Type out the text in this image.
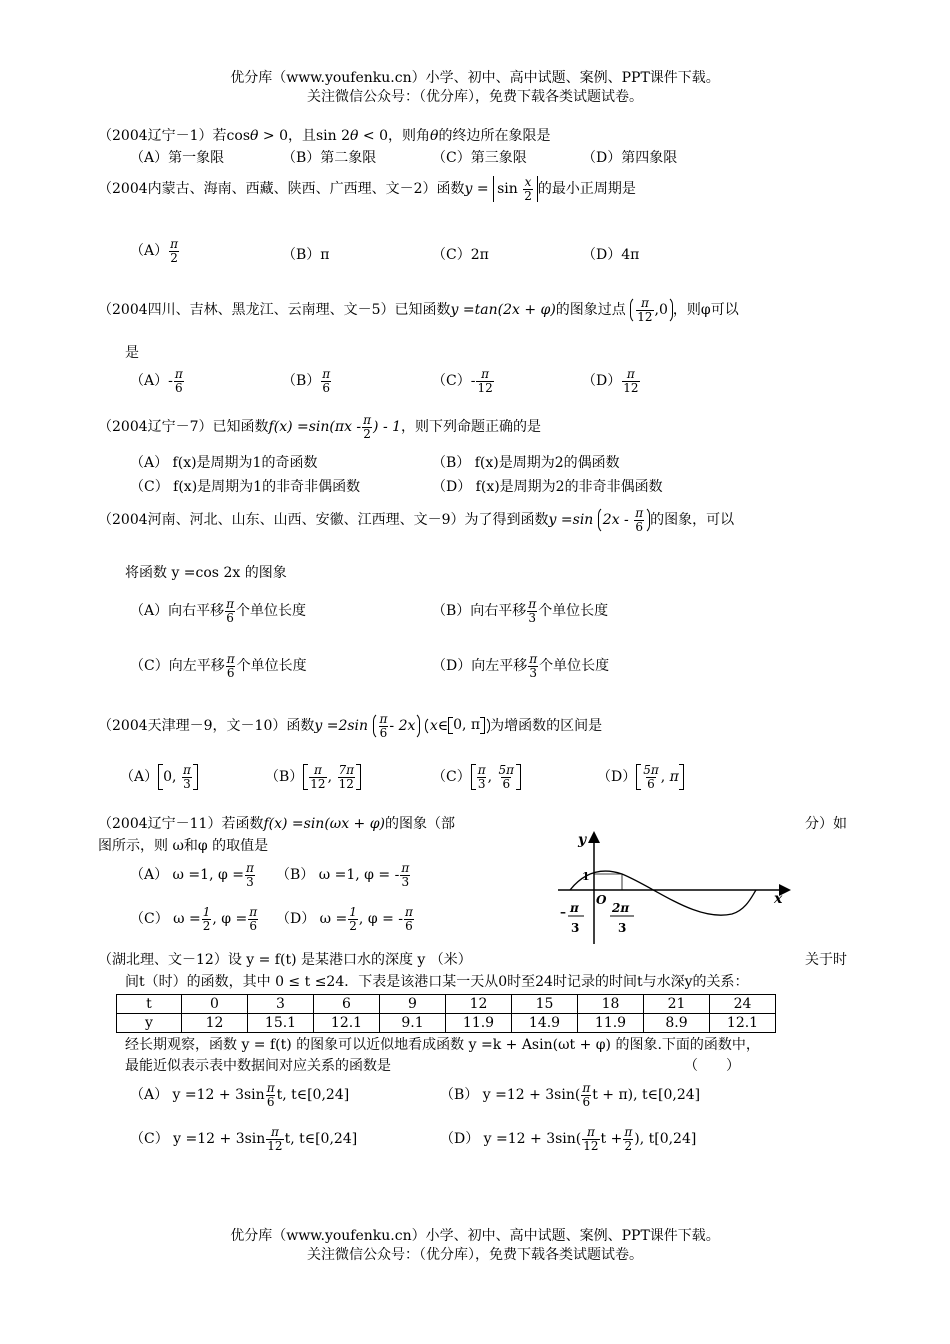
优分库（www.youfenku.cn）小学、初中、高中试题、案例、PPT课件下载。
关注微信公众号：（优分库），免费下载各类试题试卷。
（2004辽宁－1）若cosθ > 0，且sin 2θ < 0，则角θ的终边所在象限是
（A）第一象限	（B）第二象限	（C）第三象限	（D）第四象限
（2004内蒙古、海南、西藏、陕西、广西理、文－2）函数$y = \sin \frac{x}{2}$ 的最小正周期是
$(A) \frac{\pi}{2}$	（B）π	（C）2π	（D）4π
（2004四川、吉林、黑龙江、云南理、文－5）已知函数y =tan(2x + φ)的图象过点 $\frac{\pi}{12} ,0$ ，则φ可以
是
$(A)- \frac{\pi}{6}$	$(B) \frac{\pi}{6}$	$(C)- \frac{\pi}{12}$	$(D) \frac{\pi}{12}$
（2004辽宁－7）已知函数$f(x) =\sin(\pi x - \frac{\pi}{2}$ ) - 1，则下列命题正确的是
（A） f(x)是周期为1的奇函数	（B） f(x)是周期为2的偶函数
（C） f(x)是周期为1的非奇非偶函数	（D） f(x)是周期为2的非奇非偶函数
（2004河南、河北、山东、山西、安徽、江西理、文－9）为了得到函数y =sin $2x - \frac{\pi}{6}$ 的图象，可以
将函数 y =cos 2x 的图象
（A）向右平移 $\frac{\pi}{6}$ 个单位长度	（B）向右平移 $\frac{\pi}{3}$ 个单位长度
（C）向左平移 $\frac{\pi}{6}$ 个单位长度	（D）向左平移 $\frac{\pi}{3}$ 个单位长度
（2004天津理－9，文－10）函数$y =2\sin \frac{\pi}{6} - 2x$ x∈ 0, π 为增函数的区间是
（A） 0, $\frac{\pi}{3}$	$(B) \frac{\pi}{12}$ , $\frac{7\pi}{12}$	$(C) \frac{\pi}{3}$ , $\frac{5\pi}{6}$	$(D) \frac{5\pi}{6}$ , π
（2004辽宁－11）若函数f(x) =sin(ωx + φ)的图象（部	分）如
图所示，则 ω和φ 的取值是
（A） ω =1, $\varphi = \frac{\pi}{3} (B)$ ω =1, φ = - $\frac{\pi}{3}$
（C） $\omega = \frac{1}{2}$ , $\varphi = \frac{\pi}{6} (D) \omega = \frac{1}{2}$ , φ = - $\frac{\pi}{6}$
y
x
O
1
– π
3
2π
3
（湖北理、文－12）设 y = f(t) 是某港口水的深度 y （米）	关于时
间t（时）的函数，其中 0 ≤ t ≤24．下表是该港口某一天从0时至24时记录的时间t与水深y的关系：
t	0	3	6	9	12	15	18	21	24
y	12	15.1	12.1	9.1	11.9	14.9	11.9	8.9	12.1
经长期观察，函数 y = f(t) 的图象可以近似地看成函数 y =k + Asin(ωt + φ) 的图象.下面的函数中，
最能近似表示表中数据间对应关系的函数是	（　　）
（A） $y =12 + 3\sin \frac{\pi}{6} t$, t∈[0,24]	（B） $y =12 + 3\sin( \frac{\pi}{6}$ t + π), t∈[0,24]
（C） $y =12 + 3\sin \frac{\pi}{12} t$, t∈[0,24]	（D） $y =12 + 3\sin( \frac{\pi}{12}$ $t + \frac{\pi}{2}$ ), t[0,24]
优分库（www.youfenku.cn）小学、初中、高中试题、案例、PPT课件下载。
关注微信公众号：（优分库），免费下载各类试题试卷。
